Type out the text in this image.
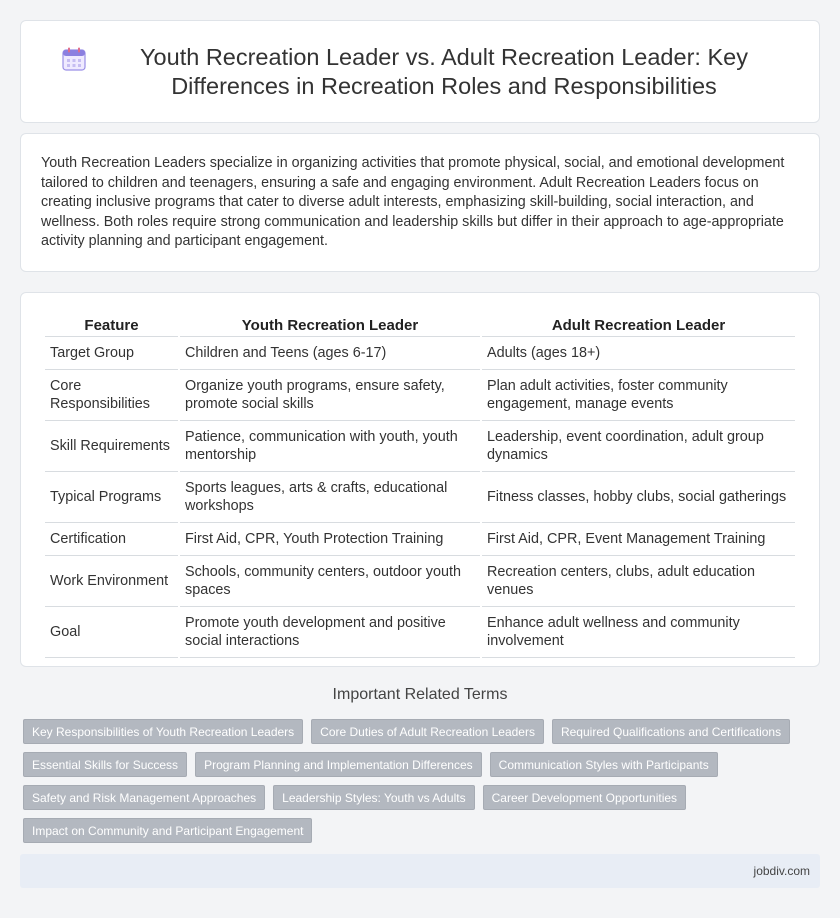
Youth Recreation Leader vs. Adult Recreation Leader: Key Differences in Recreation Roles and Responsibilities

Youth Recreation Leaders specialize in organizing activities that promote physical, social, and emotional development tailored to children and teenagers, ensuring a safe and engaging environment. Adult Recreation Leaders focus on creating inclusive programs that cater to diverse adult interests, emphasizing skill-building, social interaction, and wellness. Both roles require strong communication and leadership skills but differ in their approach to age-appropriate activity planning and participant engagement.

Feature	Youth Recreation Leader	Adult Recreation Leader
Target Group	Children and Teens (ages 6-17)	Adults (ages 18+)
Core Responsibilities	Organize youth programs, ensure safety, promote social skills	Plan adult activities, foster community engagement, manage events
Skill Requirements	Patience, communication with youth, youth mentorship	Leadership, event coordination, adult group dynamics
Typical Programs	Sports leagues, arts & crafts, educational workshops	Fitness classes, hobby clubs, social gatherings
Certification	First Aid, CPR, Youth Protection Training	First Aid, CPR, Event Management Training
Work Environment	Schools, community centers, outdoor youth spaces	Recreation centers, clubs, adult education venues
Goal	Promote youth development and positive social interactions	Enhance adult wellness and community involvement
Important Related Terms
Key Responsibilities of Youth Recreation Leaders	Core Duties of Adult Recreation Leaders	Required Qualifications and Certifications
Essential Skills for Success	Program Planning and Implementation Differences	Communication Styles with Participants
Safety and Risk Management Approaches	Leadership Styles: Youth vs Adults	Career Development Opportunities
Impact on Community and Participant Engagement
jobdiv.com
